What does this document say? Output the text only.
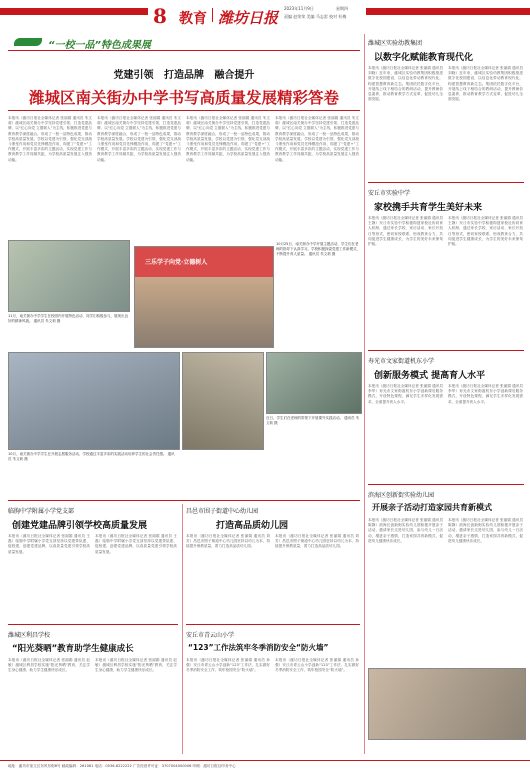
8 教育 潍坊日报
2023年11月9日	星期四
责编 赵荣荣 美编 马志雷 校对 杜梅
“一校一品”特色成果展
党建引领   打造品牌   融合提升
潍城区南关街办中学书写高质量发展精彩答卷
本报讯（潍坊日报社全媒体记者 张丽娟 通讯员 朱文莉）潍城区南关街办中学坚持党建引领，打造党建品牌，以“红心向党 立德树人”为主线，积极推进党建与教育教学深度融合，形成了一校一品特色成果，推动学校高质量发展。学校以党建为引领，强化党支部战斗堡垒作用和党员先锋模范作用，构建了“党建+”工作模式，开展丰富多彩的主题活动，实现党建工作与教育教学工作同频共振，为学校高质量发展注入强劲动能。
本报讯（潍坊日报社全媒体记者 张丽娟 通讯员 朱文莉）潍城区南关街办中学坚持党建引领，打造党建品牌，以“红心向党 立德树人”为主线，积极推进党建与教育教学深度融合，形成了一校一品特色成果，推动学校高质量发展。学校以党建为引领，强化党支部战斗堡垒作用和党员先锋模范作用，构建了“党建+”工作模式，开展丰富多彩的主题活动，实现党建工作与教育教学工作同频共振，为学校高质量发展注入强劲动能。
本报讯（潍坊日报社全媒体记者 张丽娟 通讯员 朱文莉）潍城区南关街办中学坚持党建引领，打造党建品牌，以“红心向党 立德树人”为主线，积极推进党建与教育教学深度融合，形成了一校一品特色成果，推动学校高质量发展。学校以党建为引领，强化党支部战斗堡垒作用和党员先锋模范作用，构建了“党建+”工作模式，开展丰富多彩的主题活动，实现党建工作与教育教学工作同频共振，为学校高质量发展注入强劲动能。
本报讯（潍坊日报社全媒体记者 张丽娟 通讯员 朱文莉）潍城区南关街办中学坚持党建引领，打造党建品牌，以“红心向党 立德树人”为主线，积极推进党建与教育教学深度融合，形成了一校一品特色成果，推动学校高质量发展。学校以党建为引领，强化党支部战斗堡垒作用和党员先锋模范作用，构建了“党建+”工作模式，开展丰富多彩的主题活动，实现党建工作与教育教学工作同频共振，为学校高质量发展注入强劲动能。
11月，南关街办中学学生在校园内开展特色活动，同学们积极参与，展现出良好的精神风貌。 通讯员 朱文莉 摄
三乐学子向党·立德树人
10月25日，南关街办中学开展主题活动，学生们在老师的指导下认真学习。学校积极探索党建工作新模式，不断提升育人质量。 通讯员 朱文莉 摄
10月，南关街办中学学生在开展志愿服务活动，学校通过丰富多彩的实践活动培养学生的社会责任感。 通讯员 朱文莉 摄
近日，学生们在老师的带领下开展课外实践活动。 通讯员 朱文莉 摄
潍城区实验幼教集团
以数字化赋能教育现代化
本报讯（潍坊日报社全媒体记者 张丽娟 通讯员 刘晓）近年来，潍城区实验幼教集团积极推进数字化校园建设，以信息化带动教育现代化，构建智慧教育新生态。集团依托数字化平台，开展线上线下相结合的教研活动，提升教师信息素养，推动教育教学方式变革，促进幼儿全面发展。
本报讯（潍坊日报社全媒体记者 张丽娟 通讯员 刘晓）近年来，潍城区实验幼教集团积极推进数字化校园建设，以信息化带动教育现代化，构建智慧教育新生态。集团依托数字化平台，开展线上线下相结合的教研活动，提升教师信息素养，推动教育教学方式变革，促进幼儿全面发展。
安丘市实验中学
家校携手共育学生美好未来
本报讯（潍坊日报社全媒体记者 张丽娟 通讯员 王静）安丘市实验中学积极构建家校社协同育人机制，通过家长学校、家访活动、家长开放日等形式，密切家校联系，形成教育合力，共同促进学生健康成长，为学生的美好未来保驾护航。
本报讯（潍坊日报社全媒体记者 张丽娟 通讯员 王静）安丘市实验中学积极构建家校社协同育人机制，通过家长学校、家访活动、家长开放日等形式，密切家校联系，形成教育合力，共同促进学生健康成长，为学生的美好未来保驾护航。
寿光市文家街道机东小学
创新服务模式 提高育人水平
本报讯（潍坊日报社全媒体记者 张丽娟 通讯员 李华）寿光市文家街道机东小学创新课后服务模式，开设特色课程，满足学生多样化发展需求，全面提升育人水平。
本报讯（潍坊日报社全媒体记者 张丽娟 通讯员 李华）寿光市文家街道机东小学创新课后服务模式，开设特色课程，满足学生多样化发展需求，全面提升育人水平。
滨海区创新街实验幼儿园
开展亲子活动打造家园共育新模式
本报讯（潍坊日报社全媒体记者 张丽娟 通讯员 陈静）滨海区创新街实验幼儿园积极开展亲子活动，邀请家长走进幼儿园，参与幼儿一日活动，增进亲子感情，打造家园共育新模式，促进幼儿健康快乐成长。
本报讯（潍坊日报社全媒体记者 张丽娟 通讯员 陈静）滨海区创新街实验幼儿园积极开展亲子活动，邀请家长走进幼儿园，参与幼儿一日活动，增进亲子感情，打造家园共育新模式，促进幼儿健康快乐成长。
临朐中学附属小学党支部
创建党建品牌引领学校高质量发展
本报讯（潍坊日报社全媒体记者 张丽娟 通讯员 王磊）临朐中学附属小学党支部坚持以党建带队建、促校建，创建党建品牌，以高质量党建引领学校高质量发展。
本报讯（潍坊日报社全媒体记者 张丽娟 通讯员 王磊）临朐中学附属小学党支部坚持以党建带队建、促校建，创建党建品牌，以高质量党建引领学校高质量发展。
昌邑市围子街道中心幼儿园
打造高品质幼儿园
本报讯（潍坊日报社全媒体记者 张丽娟 通讯员 刘芳）昌邑市围子街道中心幼儿园坚持以幼儿为本，持续提升保教质量，着力打造高品质幼儿园。
本报讯（潍坊日报社全媒体记者 张丽娟 通讯员 刘芳）昌邑市围子街道中心幼儿园坚持以幼儿为本，持续提升保教质量，着力打造高品质幼儿园。
潍城区利昌学校
“阳光葵晒”教育助学生健康成长
本报讯（潍坊日报社全媒体记者 张丽娟 通讯员 赵敏）潍城区利昌学校实施“阳光葵晒”教育，关注学生身心健康，助力学生健康快乐成长。
本报讯（潍坊日报社全媒体记者 张丽娟 通讯员 赵敏）潍城区利昌学校实施“阳光葵晒”教育，关注学生身心健康，助力学生健康快乐成长。
安丘市青云山小学
“123”工作法筑牢冬季消防安全“防火墙”
本报讯（潍坊日报社全媒体记者 张丽娟 通讯员 孙强）安丘市青云山小学创新“123”工作法，扎实做好冬季消防安全工作，筑牢校园安全“防火墙”。
本报讯（潍坊日报社全媒体记者 张丽娟 通讯员 孙强）安丘市青云山小学创新“123”工作法，扎实做好冬季消防安全工作，筑牢校园安全“防火墙”。
地址：潍坊市奎文区东风东街8号 邮政编码：261061 电话：0536-8222222 广告经营许可证：3707004000006 印刷：潍坊日报社印务中心
